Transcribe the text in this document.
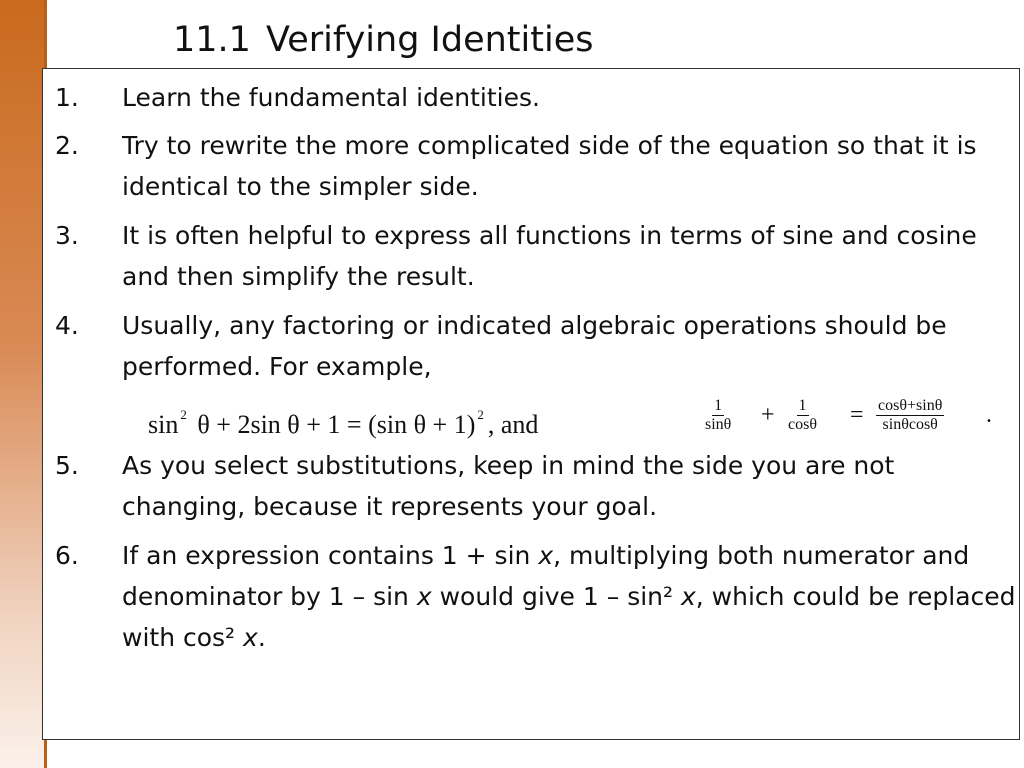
11.1 Verifying Identities
1. Learn the fundamental identities.
2. Try to rewrite the more complicated side of the equation so that it is identical to the simpler side.
3. It is often helpful to express all functions in terms of sine and cosine and then simplify the result.
4. Usually, any factoring or indicated algebraic operations should be performed. For example,
sin $^2$ θ + 2sin θ + 1 = (sin θ + 1) $^2$ , and	$\frac{1}{\sin\theta} + \frac{1}{\cos\theta} = \frac{\cos\theta+\sin\theta}{\sin\theta\cos\theta}$ .
5. As you select substitutions, keep in mind the side you are not changing, because it represents your goal.
6. If an expression contains 1 + sin x, multiplying both numerator and denominator by 1 – sin x would give 1 – sin² x, which could be replaced with cos² x.
